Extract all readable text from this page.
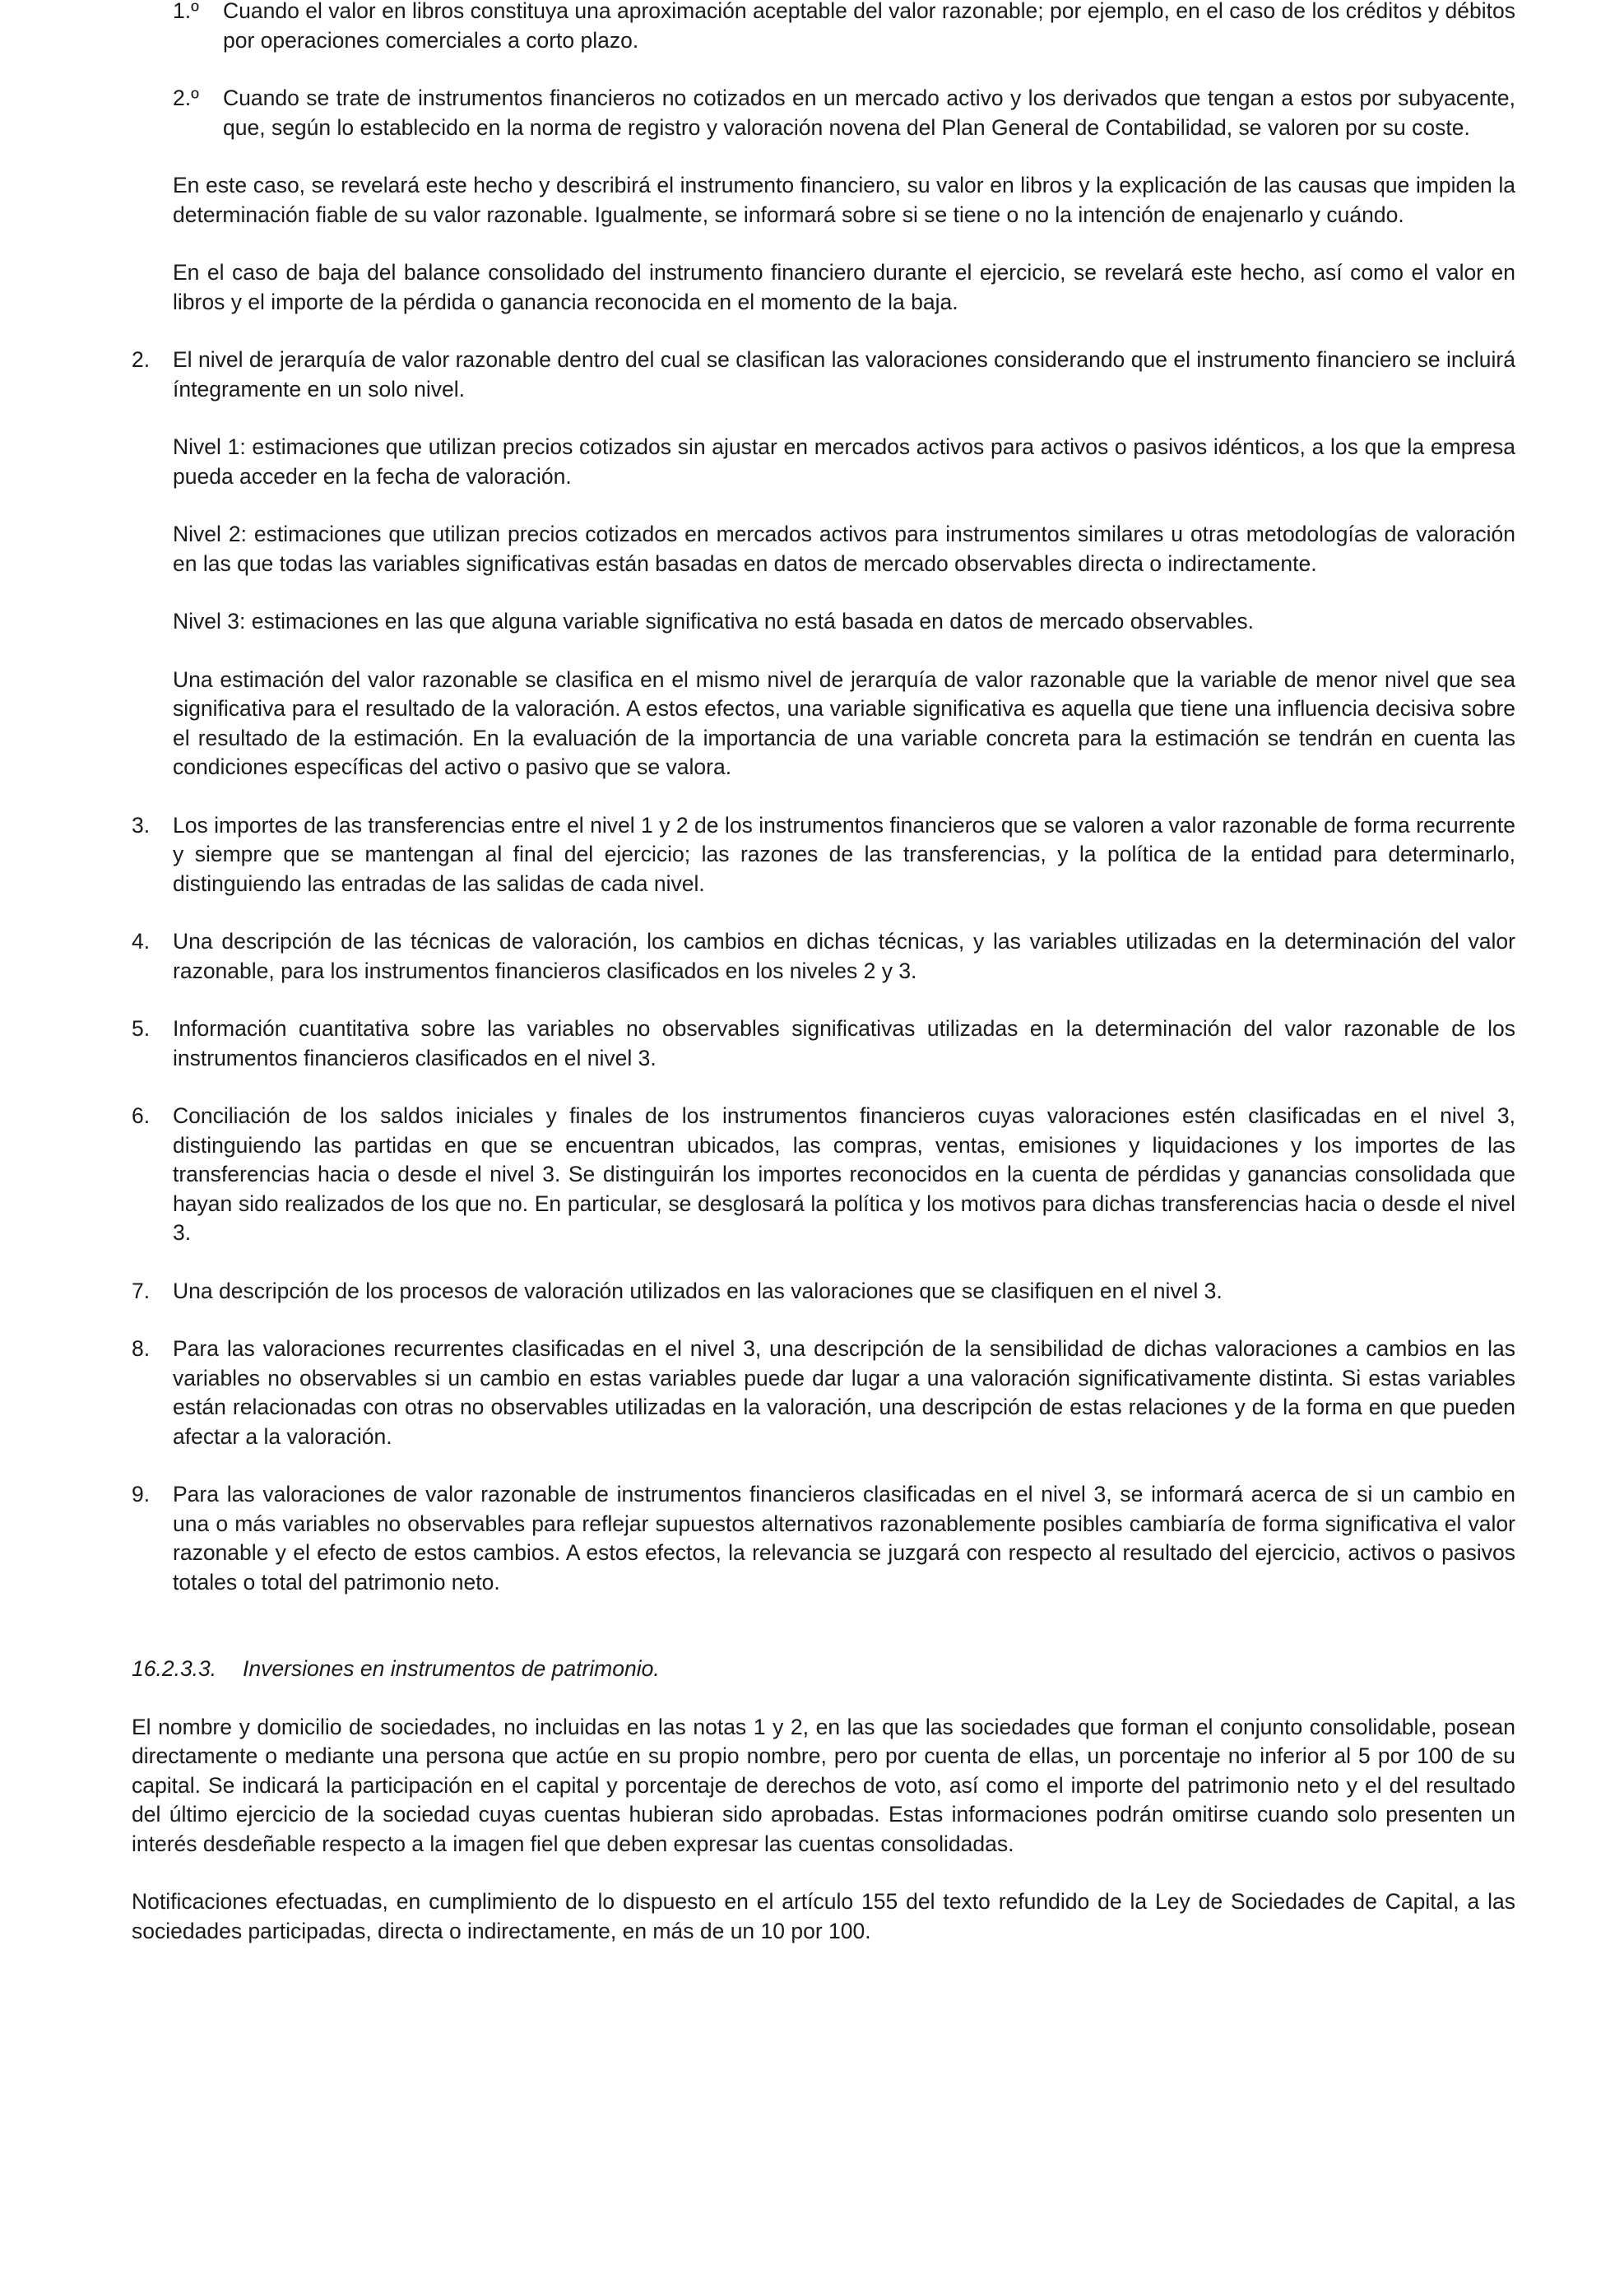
1.º	Cuando el valor en libros constituya una aproximación aceptable del valor razonable; por ejemplo, en el caso de los créditos y débitos por operaciones comerciales a corto plazo.

2.º	Cuando se trate de instrumentos financieros no cotizados en un mercado activo y los derivados que tengan a estos por subyacente, que, según lo establecido en la norma de registro y valoración novena del Plan General de Contabilidad, se valoren por su coste.

En este caso, se revelará este hecho y describirá el instrumento financiero, su valor en libros y la explicación de las causas que impiden la determinación fiable de su valor razonable. Igualmente, se informará sobre si se tiene o no la intención de enajenarlo y cuándo.

En el caso de baja del balance consolidado del instrumento financiero durante el ejercicio, se revelará este hecho, así como el valor en libros y el importe de la pérdida o ganancia reconocida en el momento de la baja.

2.	El nivel de jerarquía de valor razonable dentro del cual se clasifican las valoraciones considerando que el instrumento financiero se incluirá íntegramente en un solo nivel.

Nivel 1: estimaciones que utilizan precios cotizados sin ajustar en mercados activos para activos o pasivos idénticos, a los que la empresa pueda acceder en la fecha de valoración.

Nivel 2: estimaciones que utilizan precios cotizados en mercados activos para instrumentos similares u otras metodologías de valoración en las que todas las variables significativas están basadas en datos de mercado observables directa o indirectamente.

Nivel 3: estimaciones en las que alguna variable significativa no está basada en datos de mercado observables.

Una estimación del valor razonable se clasifica en el mismo nivel de jerarquía de valor razonable que la variable de menor nivel que sea significativa para el resultado de la valoración. A estos efectos, una variable significativa es aquella que tiene una influencia decisiva sobre el resultado de la estimación. En la evaluación de la importancia de una variable concreta para la estimación se tendrán en cuenta las condiciones específicas del activo o pasivo que se valora.

3.	Los importes de las transferencias entre el nivel 1 y 2 de los instrumentos financieros que se valoren a valor razonable de forma recurrente y siempre que se mantengan al final del ejercicio; las razones de las transferencias, y la política de la entidad para determinarlo, distinguiendo las entradas de las salidas de cada nivel.

4.	Una descripción de las técnicas de valoración, los cambios en dichas técnicas, y las variables utilizadas en la determinación del valor razonable, para los instrumentos financieros clasificados en los niveles 2 y 3.

5.	Información cuantitativa sobre las variables no observables significativas utilizadas en la determinación del valor razonable de los instrumentos financieros clasificados en el nivel 3.

6.	Conciliación de los saldos iniciales y finales de los instrumentos financieros cuyas valoraciones estén clasificadas en el nivel 3, distinguiendo las partidas en que se encuentran ubicados, las compras, ventas, emisiones y liquidaciones y los importes de las transferencias hacia o desde el nivel 3. Se distinguirán los importes reconocidos en la cuenta de pérdidas y ganancias consolidada que hayan sido realizados de los que no. En particular, se desglosará la política y los motivos para dichas transferencias hacia o desde el nivel 3.

7.	Una descripción de los procesos de valoración utilizados en las valoraciones que se clasifiquen en el nivel 3.

8.	Para las valoraciones recurrentes clasificadas en el nivel 3, una descripción de la sensibilidad de dichas valoraciones a cambios en las variables no observables si un cambio en estas variables puede dar lugar a una valoración significativamente distinta. Si estas variables están relacionadas con otras no observables utilizadas en la valoración, una descripción de estas relaciones y de la forma en que pueden afectar a la valoración.

9.	Para las valoraciones de valor razonable de instrumentos financieros clasificadas en el nivel 3, se informará acerca de si un cambio en una o más variables no observables para reflejar supuestos alternativos razonablemente posibles cambiaría de forma significativa el valor razonable y el efecto de estos cambios. A estos efectos, la relevancia se juzgará con respecto al resultado del ejercicio, activos o pasivos totales o total del patrimonio neto.

16.2.3.3.	Inversiones en instrumentos de patrimonio.

El nombre y domicilio de sociedades, no incluidas en las notas 1 y 2, en las que las sociedades que forman el conjunto consolidable, posean directamente o mediante una persona que actúe en su propio nombre, pero por cuenta de ellas, un porcentaje no inferior al 5 por 100 de su capital. Se indicará la participación en el capital y porcentaje de derechos de voto, así como el importe del patrimonio neto y el del resultado del último ejercicio de la sociedad cuyas cuentas hubieran sido aprobadas. Estas informaciones podrán omitirse cuando solo presenten un interés desdeñable respecto a la imagen fiel que deben expresar las cuentas consolidadas.

Notificaciones efectuadas, en cumplimiento de lo dispuesto en el artículo 155 del texto refundido de la Ley de Sociedades de Capital, a las sociedades participadas, directa o indirectamente, en más de un 10 por 100.
